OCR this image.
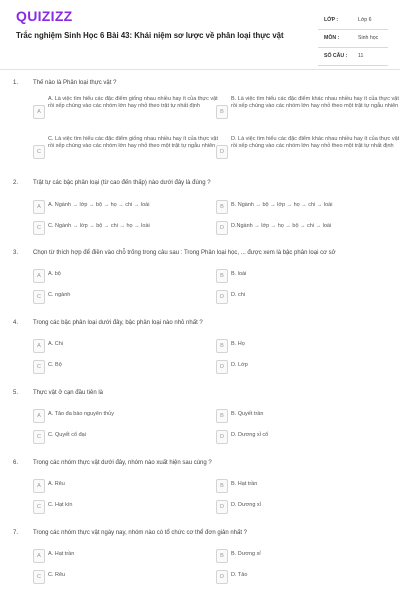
QUIZIZZ
Trắc nghiệm Sinh Học 6 Bài 43: Khái niệm sơ lược về phân loại thực vật
LỚP :	Lớp 6
MÔN :	Sinh học
SỐ CÂU : 11
1. Thế nào là Phân loại thực vật ?
A
A. Là việc tìm hiểu các đặc điểm giống nhau nhiều hay ít của thực vật rồi xếp chúng vào các nhóm lớn hay nhỏ theo trật tự nhất định
B
B. Là việc tìm hiểu các đặc điểm khác nhau nhiều hay ít của thực vật rồi xếp chúng vào các nhóm lớn hay nhỏ theo một trật tự ngẫu nhiên
C
C. Là việc tìm hiểu các đặc điểm giống nhau nhiều hay ít của thực vật rồi xếp chúng vào các nhóm lớn hay nhỏ theo một trật tự ngẫu nhiên
D
D. Là việc tìm hiểu các đặc điểm khác nhau nhiều hay ít của thực vật rồi xếp chúng vào các nhóm lớn hay nhỏ theo một trật tự nhất định
2. Trật tự các bậc phân loại (từ cao đến thấp) nào dưới đây là đúng ?
A	A. Ngành → lớp → bộ → họ → chi → loài	B	B. Ngành → bộ → lớp → họ → chi → loài
C	C. Ngành → lớp → bộ → chi → họ → loài	D	D.Ngành → lớp → họ → bộ → chi → loài
3. Chọn từ thích hợp để điền vào chỗ trống trong câu sau : Trong Phân loại học, ... được xem là bậc phân loại cơ sở
A	A. bộ	B	B. loài
C	C. ngành	D	D. chi
4. Trong các bậc phân loại dưới đây, bậc phân loại nào nhỏ nhất ?
A	A. Chi	B	B. Họ
C	C. Bộ	D	D. Lớp
5. Thực vật ở cạn đầu tiên là
A	A. Tảo đa bào nguyên thủy	B	B. Quyết trần
C	C. Quyết cổ đại	D	D. Dương xỉ cổ
6. Trong các nhóm thực vật dưới đây, nhóm nào xuất hiện sau cùng ?
A	A. Rêu	B	B. Hạt trần
C	C. Hạt kín	D	D. Dương xỉ
7. Trong các nhóm thực vật ngày nay, nhóm nào có tổ chức cơ thể đơn giản nhất ?
A	A. Hạt trần	B	B. Dương xỉ
C	C. Rêu	D	D. Tảo
